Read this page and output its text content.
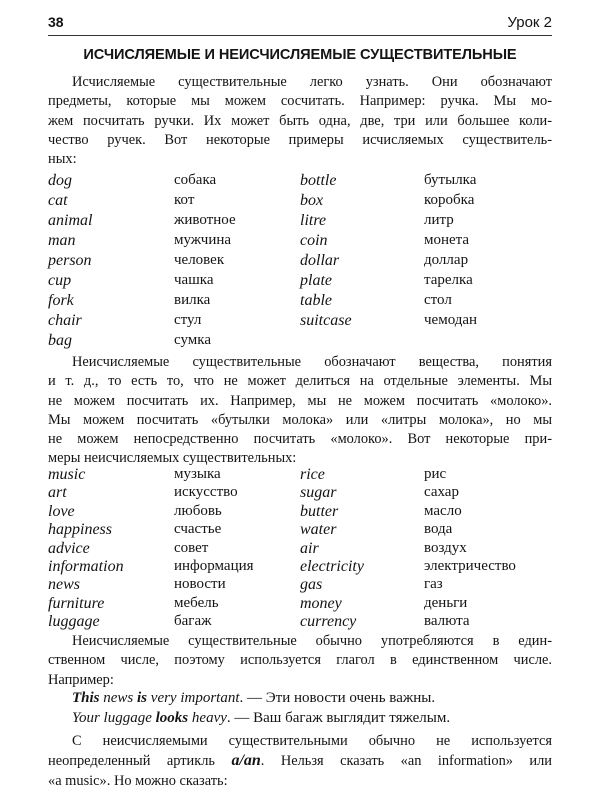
38	Урок 2
ИСЧИСЛЯЕМЫЕ И НЕИСЧИСЛЯЕМЫЕ СУЩЕСТВИТЕЛЬНЫЕ
Исчисляемые существительные легко узнать. Они обозначают
предметы, которые мы можем сосчитать. Например: ручка. Мы мо-
жем посчитать ручки. Их может быть одна, две, три или большее коли-
чество ручек. Вот некоторые примеры исчисляемых существитель-
ных:
dog	собака	bottle	бутылка
cat	кот	box	коробка
animal	животное	litre	литр
man	мужчина	coin	монета
person	человек	dollar	доллар
cup	чашка	plate	тарелка
fork	вилка	table	стол
chair	стул	suitcase	чемодан
bag	сумка
Неисчисляемые существительные обозначают вещества, понятия
и т. д., то есть то, что не может делиться на отдельные элементы. Мы
не можем посчитать их. Например, мы не можем посчитать «молоко».
Мы можем посчитать «бутылки молока» или «литры молока», но мы
не можем непосредственно посчитать «молоко». Вот некоторые при-
меры неисчисляемых существительных:
music	музыка	rice	рис
art	искусство	sugar	сахар
love	любовь	butter	масло
happiness	счастье	water	вода
advice	совет	air	воздух
information	информация	electricity	электричество
news	новости	gas	газ
furniture	мебель	money	деньги
luggage	багаж	currency	валюта
Неисчисляемые существительные обычно употребляются в един-
ственном числе, поэтому используется глагол в единственном числе.
Например:
This news is very important. — Эти новости очень важны.
Your luggage looks heavy. — Ваш багаж выглядит тяжелым.
С неисчисляемыми существительными обычно не используется
неопределенный артикль a/an. Нельзя сказать «an information» или
«a music». Но можно сказать:
